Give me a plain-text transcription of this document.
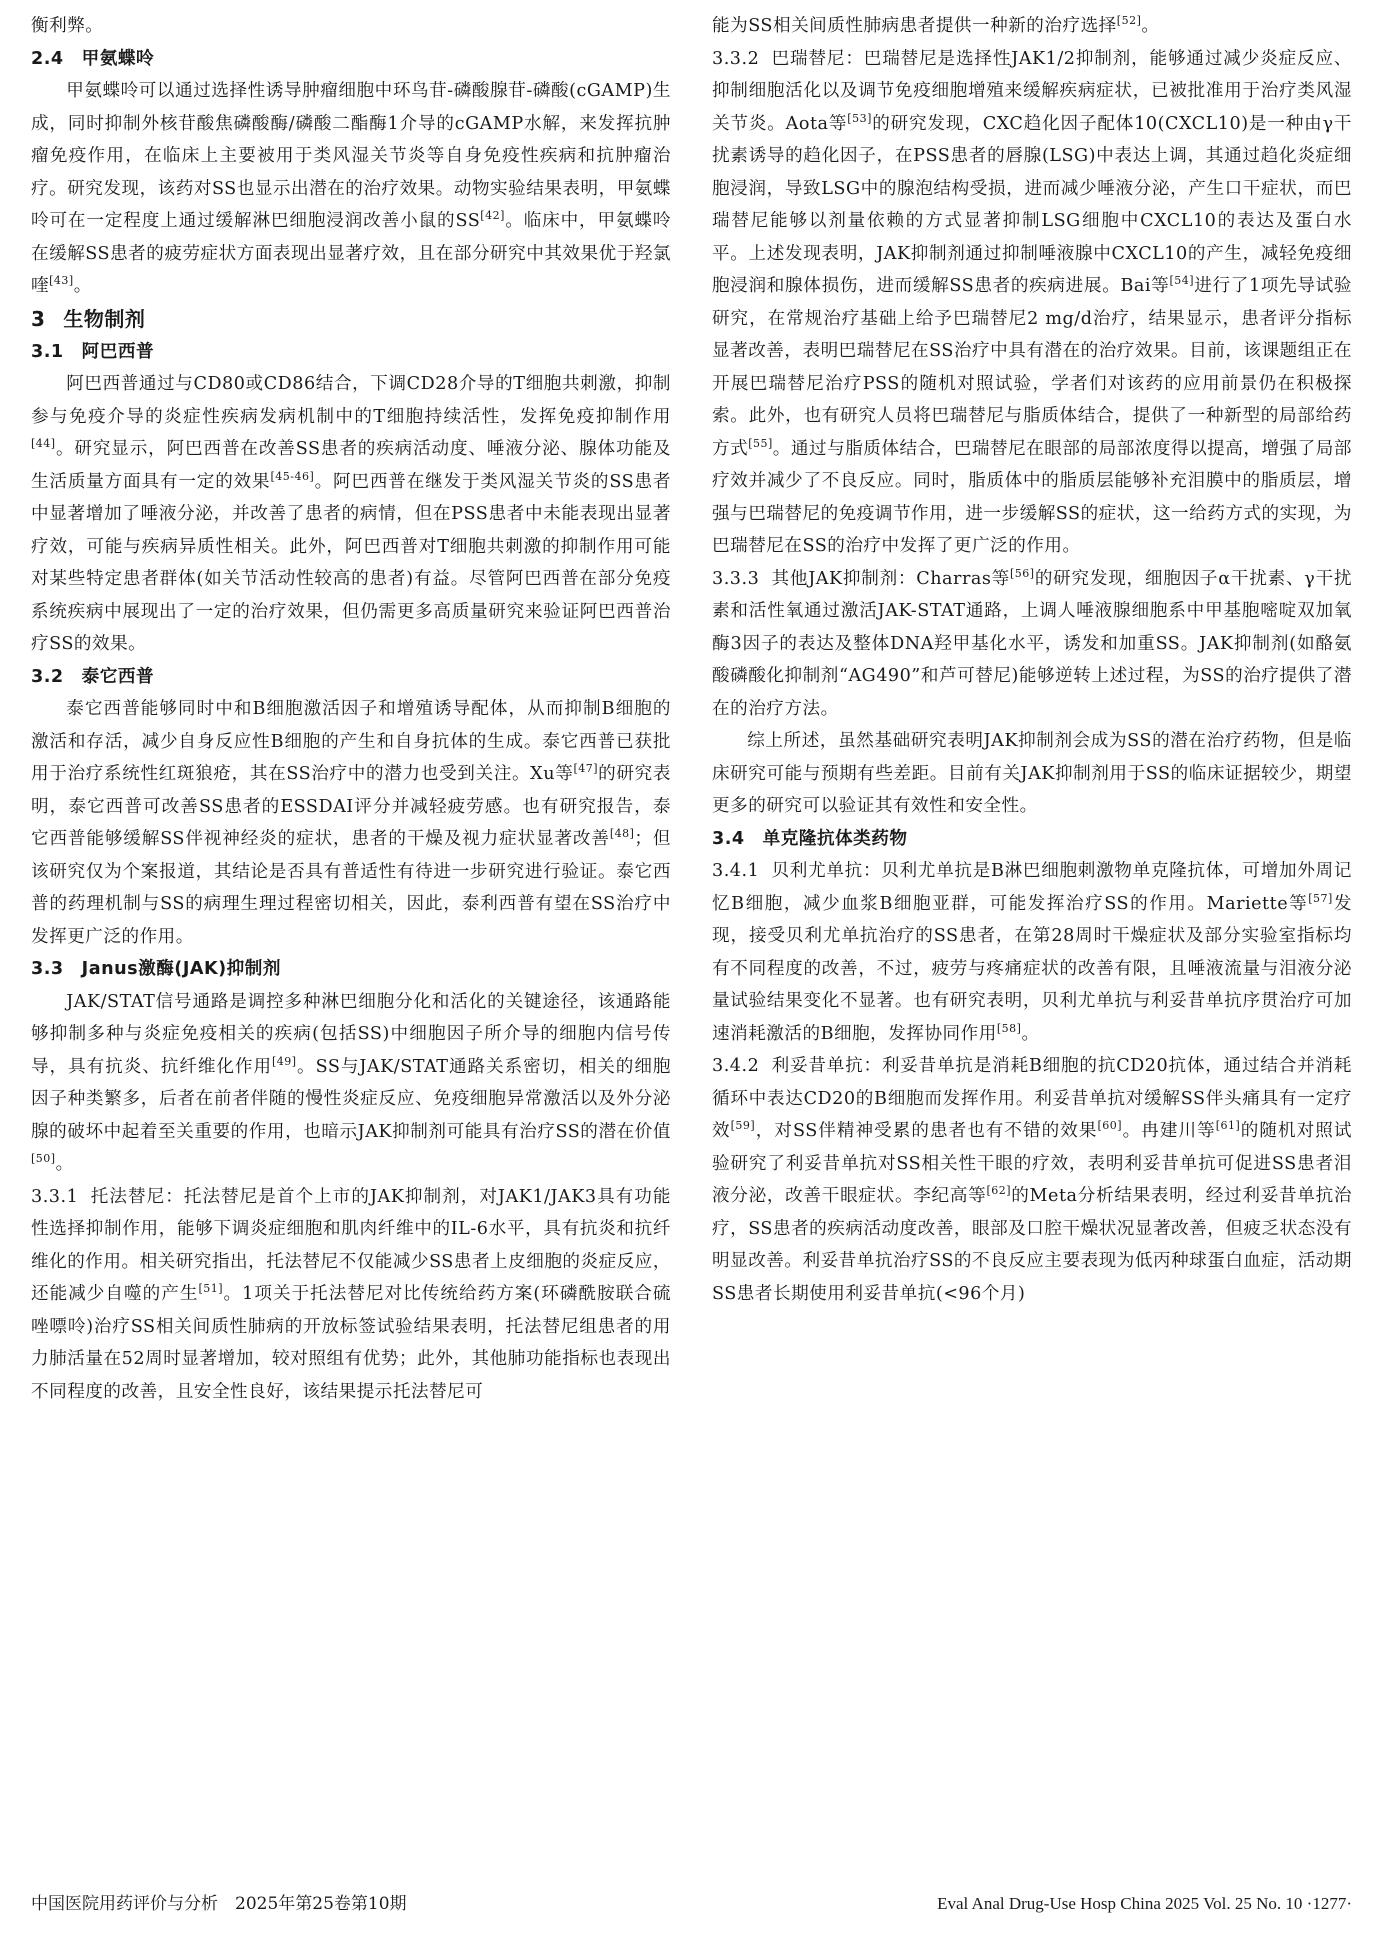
衡利弊。

2.4 甲氨蝶呤

甲氨蝶呤可以通过选择性诱导肿瘤细胞中环鸟苷-磷酸腺苷-磷酸(cGAMP)生成，同时抑制外核苷酸焦磷酸酶/磷酸二酯酶1介导的cGAMP水解，来发挥抗肿瘤免疫作用，在临床上主要被用于类风湿关节炎等自身免疫性疾病和抗肿瘤治疗。研究发现，该药对SS也显示出潜在的治疗效果。动物实验结果表明，甲氨蝶呤可在一定程度上通过缓解淋巴细胞浸润改善小鼠的SS[42]。临床中，甲氨蝶呤在缓解SS患者的疲劳症状方面表现出显著疗效，且在部分研究中其效果优于羟氯喹[43]。

3 生物制剂
3.1 阿巴西普

阿巴西普通过与CD80或CD86结合，下调CD28介导的T细胞共刺激，抑制参与免疫介导的炎症性疾病发病机制中的T细胞持续活性，发挥免疫抑制作用[44]。研究显示，阿巴西普在改善SS患者的疾病活动度、唾液分泌、腺体功能及生活质量方面具有一定的效果[45-46]。阿巴西普在继发于类风湿关节炎的SS患者中显著增加了唾液分泌，并改善了患者的病情，但在PSS患者中未能表现出显著疗效，可能与疾病异质性相关。此外，阿巴西普对T细胞共刺激的抑制作用可能对某些特定患者群体(如关节活动性较高的患者)有益。尽管阿巴西普在部分免疫系统疾病中展现出了一定的治疗效果，但仍需更多高质量研究来验证阿巴西普治疗SS的效果。

3.2 泰它西普

泰它西普能够同时中和B细胞激活因子和增殖诱导配体，从而抑制B细胞的激活和存活，减少自身反应性B细胞的产生和自身抗体的生成。泰它西普已获批用于治疗系统性红斑狼疮，其在SS治疗中的潜力也受到关注。Xu等[47]的研究表明，泰它西普可改善SS患者的ESSDAI评分并减轻疲劳感。也有研究报告，泰它西普能够缓解SS伴视神经炎的症状，患者的干燥及视力症状显著改善[48]；但该研究仅为个案报道，其结论是否具有普适性有待进一步研究进行验证。泰它西普的药理机制与SS的病理生理过程密切相关，因此，泰利西普有望在SS治疗中发挥更广泛的作用。

3.3 Janus激酶(JAK)抑制剂

JAK/STAT信号通路是调控多种淋巴细胞分化和活化的关键途径，该通路能够抑制多种与炎症免疫相关的疾病(包括SS)中细胞因子所介导的细胞内信号传导，具有抗炎、抗纤维化作用[49]。SS与JAK/STAT通路关系密切，相关的细胞因子种类繁多，后者在前者伴随的慢性炎症反应、免疫细胞异常激活以及外分泌腺的破坏中起着至关重要的作用，也暗示JAK抑制剂可能具有治疗SS的潜在价值[50]。

3.3.1 托法替尼：托法替尼是首个上市的JAK抑制剂，对JAK1/JAK3具有功能性选择抑制作用，能够下调炎症细胞和肌肉纤维中的IL-6水平，具有抗炎和抗纤维化的作用。相关研究指出，托法替尼不仅能减少SS患者上皮细胞的炎症反应，还能减少自噬的产生[51]。1项关于托法替尼对比传统给药方案(环磷酰胺联合硫唑嘌呤)治疗SS相关间质性肺病的开放标签试验结果表明，托法替尼组患者的用力肺活量在52周时显著增加，较对照组有优势；此外，其他肺功能指标也表现出不同程度的改善，且安全性良好，该结果提示托法替尼可

能为SS相关间质性肺病患者提供一种新的治疗选择[52]。

3.3.2 巴瑞替尼：巴瑞替尼是选择性JAK1/2抑制剂，能够通过减少炎症反应、抑制细胞活化以及调节免疫细胞增殖来缓解疾病症状，已被批准用于治疗类风湿关节炎。Aota等[53]的研究发现，CXC趋化因子配体10(CXCL10)是一种由γ干扰素诱导的趋化因子，在PSS患者的唇腺(LSG)中表达上调，其通过趋化炎症细胞浸润，导致LSG中的腺泡结构受损，进而减少唾液分泌，产生口干症状，而巴瑞替尼能够以剂量依赖的方式显著抑制LSG细胞中CXCL10的表达及蛋白水平。上述发现表明，JAK抑制剂通过抑制唾液腺中CXCL10的产生，减轻免疫细胞浸润和腺体损伤，进而缓解SS患者的疾病进展。Bai等[54]进行了1项先导试验研究，在常规治疗基础上给予巴瑞替尼2 mg/d治疗，结果显示，患者评分指标显著改善，表明巴瑞替尼在SS治疗中具有潜在的治疗效果。目前，该课题组正在开展巴瑞替尼治疗PSS的随机对照试验，学者们对该药的应用前景仍在积极探索。此外，也有研究人员将巴瑞替尼与脂质体结合，提供了一种新型的局部给药方式[55]。通过与脂质体结合，巴瑞替尼在眼部的局部浓度得以提高，增强了局部疗效并减少了不良反应。同时，脂质体中的脂质层能够补充泪膜中的脂质层，增强与巴瑞替尼的免疫调节作用，进一步缓解SS的症状，这一给药方式的实现，为巴瑞替尼在SS的治疗中发挥了更广泛的作用。

3.3.3 其他JAK抑制剂：Charras等[56]的研究发现，细胞因子α干扰素、γ干扰素和活性氧通过激活JAK-STAT通路，上调人唾液腺细胞系中甲基胞嘧啶双加氧酶3因子的表达及整体DNA羟甲基化水平，诱发和加重SS。JAK抑制剂(如酪氨酸磷酸化抑制剂“AG490”和芦可替尼)能够逆转上述过程，为SS的治疗提供了潜在的治疗方法。

综上所述，虽然基础研究表明JAK抑制剂会成为SS的潜在治疗药物，但是临床研究可能与预期有些差距。目前有关JAK抑制剂用于SS的临床证据较少，期望更多的研究可以验证其有效性和安全性。

3.4 单克隆抗体类药物

3.4.1 贝利尤单抗：贝利尤单抗是B淋巴细胞刺激物单克隆抗体，可增加外周记忆B细胞，减少血浆B细胞亚群，可能发挥治疗SS的作用。Mariette等[57]发现，接受贝利尤单抗治疗的SS患者，在第28周时干燥症状及部分实验室指标均有不同程度的改善，不过，疲劳与疼痛症状的改善有限，且唾液流量与泪液分泌量试验结果变化不显著。也有研究表明，贝利尤单抗与利妥昔单抗序贯治疗可加速消耗激活的B细胞，发挥协同作用[58]。

3.4.2 利妥昔单抗：利妥昔单抗是消耗B细胞的抗CD20抗体，通过结合并消耗循环中表达CD20的B细胞而发挥作用。利妥昔单抗对缓解SS伴头痛具有一定疗效[59]，对SS伴精神受累的患者也有不错的效果[60]。冉建川等[61]的随机对照试验研究了利妥昔单抗对SS相关性干眼的疗效，表明利妥昔单抗可促进SS患者泪液分泌，改善干眼症状。李纪高等[62]的Meta分析结果表明，经过利妥昔单抗治疗，SS患者的疾病活动度改善，眼部及口腔干燥状况显著改善，但疲乏状态没有明显改善。利妥昔单抗治疗SS的不良反应主要表现为低丙种球蛋白血症，活动期SS患者长期使用利妥昔单抗(<96个月)

中国医院用药评价与分析　2025年第25卷第10期	Eval Anal Drug-Use Hosp China 2025 Vol. 25 No. 10 ·1277·
